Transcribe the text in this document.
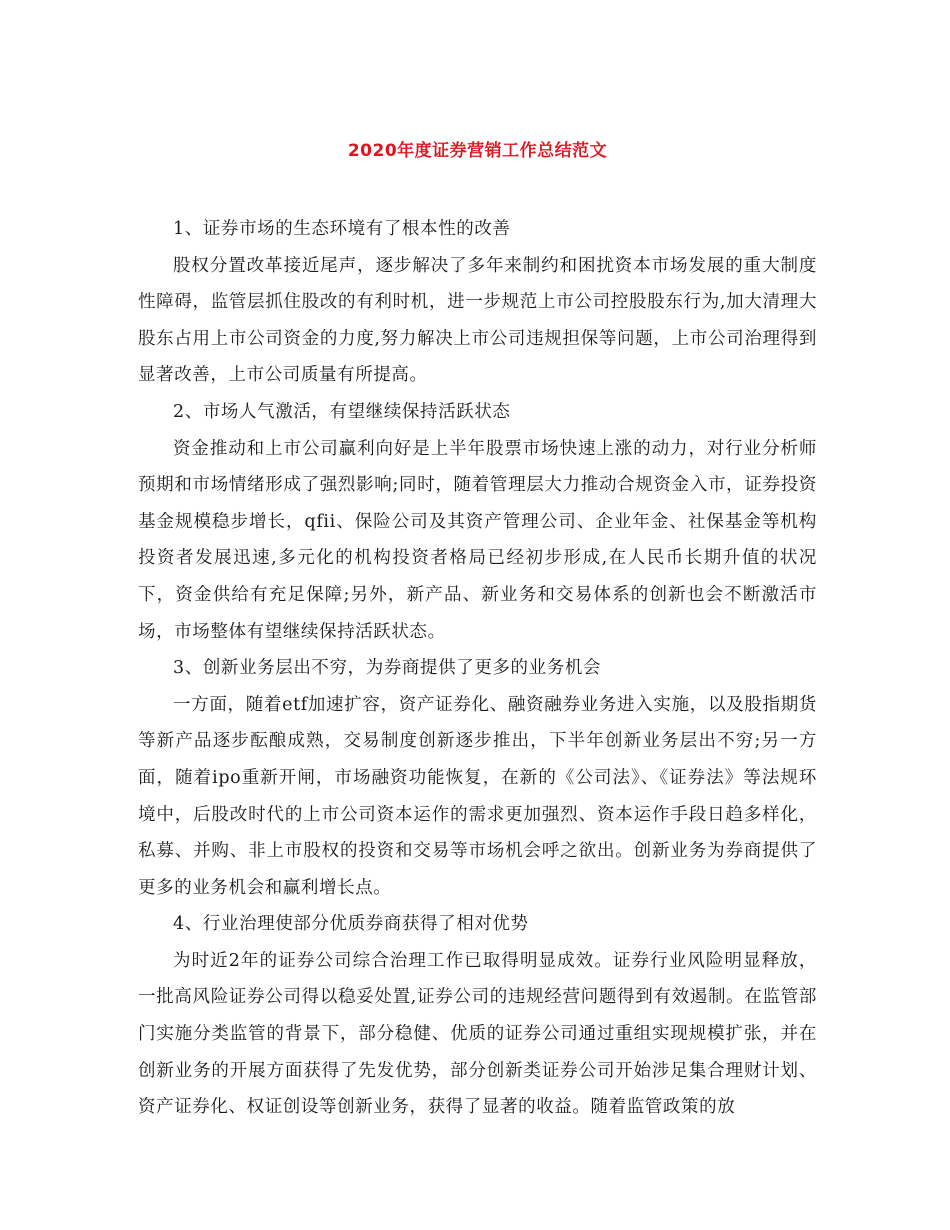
2020年度证券营销工作总结范文

1、证券市场的生态环境有了根本性的改善

股权分置改革接近尾声，逐步解决了多年来制约和困扰资本市场发展的重大制度性障碍，监管层抓住股改的有利时机，进一步规范上市公司控股股东行为,加大清理大股东占用上市公司资金的力度,努力解决上市公司违规担保等问题，上市公司治理得到显著改善，上市公司质量有所提高。

2、市场人气激活，有望继续保持活跃状态

资金推动和上市公司赢利向好是上半年股票市场快速上涨的动力，对行业分析师预期和市场情绪形成了强烈影响;同时，随着管理层大力推动合规资金入市，证券投资基金规模稳步增长，qfii、保险公司及其资产管理公司、企业年金、社保基金等机构投资者发展迅速,多元化的机构投资者格局已经初步形成,在人民币长期升值的状况下，资金供给有充足保障;另外，新产品、新业务和交易体系的创新也会不断激活市场，市场整体有望继续保持活跃状态。

3、创新业务层出不穷，为券商提供了更多的业务机会

一方面，随着etf加速扩容，资产证券化、融资融券业务进入实施，以及股指期货等新产品逐步酝酿成熟，交易制度创新逐步推出，下半年创新业务层出不穷;另一方面，随着ipo重新开闸，市场融资功能恢复，在新的《公司法》、《证券法》等法规环境中，后股改时代的上市公司资本运作的需求更加强烈、资本运作手段日趋多样化，私募、并购、非上市股权的投资和交易等市场机会呼之欲出。创新业务为券商提供了更多的业务机会和赢利增长点。

4、行业治理使部分优质券商获得了相对优势

为时近2年的证券公司综合治理工作已取得明显成效。证券行业风险明显释放，一批高风险证券公司得以稳妥处置,证券公司的违规经营问题得到有效遏制。在监管部门实施分类监管的背景下，部分稳健、优质的证券公司通过重组实现规模扩张，并在创新业务的开展方面获得了先发优势，部分创新类证券公司开始涉足集合理财计划、资产证券化、权证创设等创新业务，获得了显著的收益。随着监管政策的放
